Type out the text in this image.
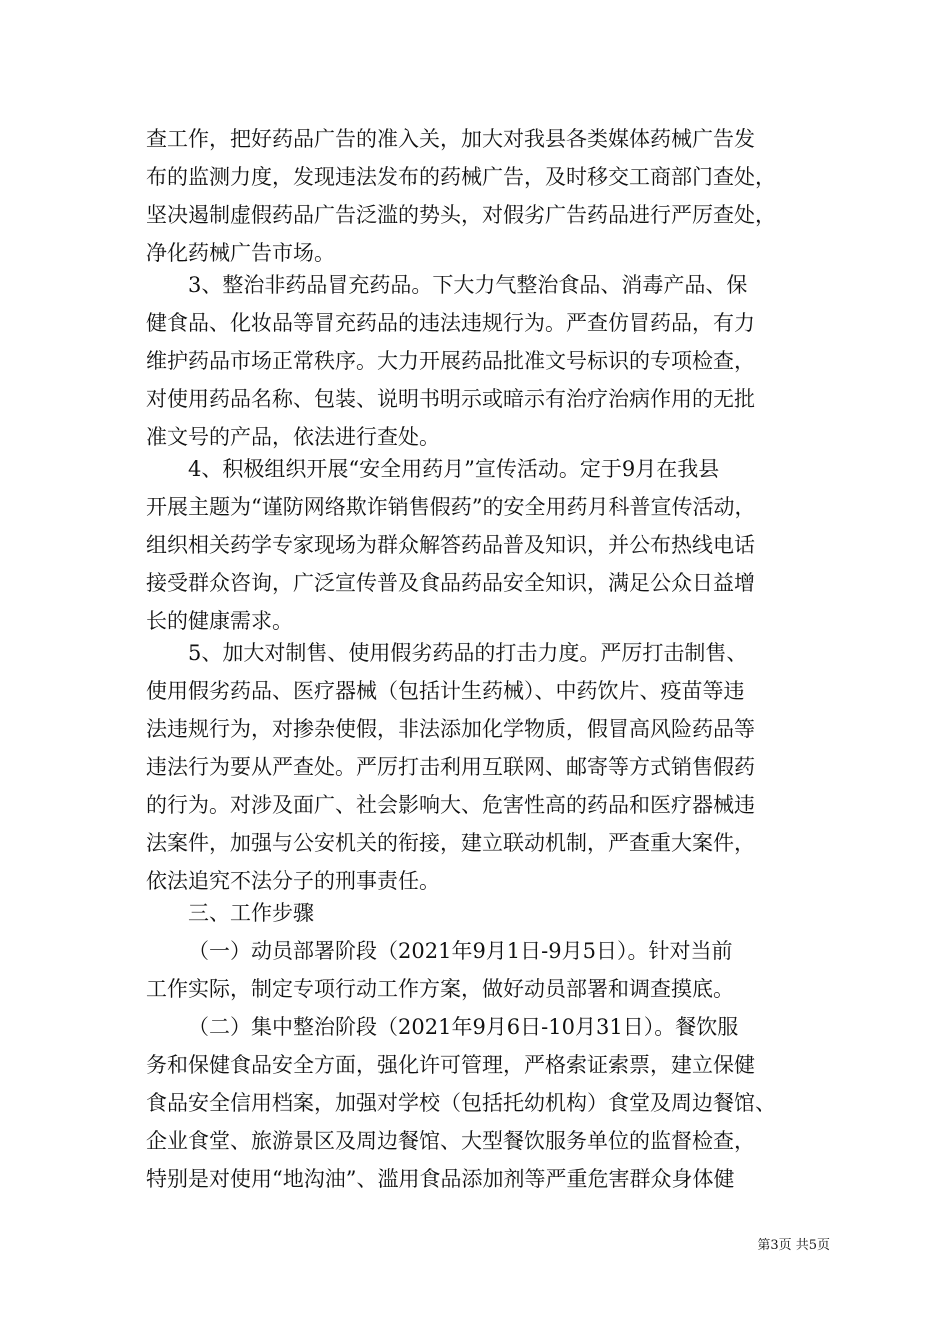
查工作，把好药品广告的准入关，加大对我县各类媒体药械广告发
布的监测力度，发现违法发布的药械广告，及时移交工商部门查处，
坚决遏制虚假药品广告泛滥的势头，对假劣广告药品进行严厉查处，
净化药械广告市场。
3、整治非药品冒充药品。下大力气整治食品、消毒产品、保
健食品、化妆品等冒充药品的违法违规行为。严查仿冒药品，有力
维护药品市场正常秩序。大力开展药品批准文号标识的专项检查，
对使用药品名称、包装、说明书明示或暗示有治疗治病作用的无批
准文号的产品，依法进行查处。
4、积极组织开展“安全用药月”宣传活动。定于9月在我县
开展主题为“谨防网络欺诈销售假药”的安全用药月科普宣传活动，
组织相关药学专家现场为群众解答药品普及知识，并公布热线电话
接受群众咨询，广泛宣传普及食品药品安全知识，满足公众日益增
长的健康需求。
5、加大对制售、使用假劣药品的打击力度。严厉打击制售、
使用假劣药品、医疗器械（包括计生药械）、中药饮片、疫苗等违
法违规行为，对掺杂使假，非法添加化学物质，假冒高风险药品等
违法行为要从严查处。严厉打击利用互联网、邮寄等方式销售假药
的行为。对涉及面广、社会影响大、危害性高的药品和医疗器械违
法案件，加强与公安机关的衔接，建立联动机制，严查重大案件，
依法追究不法分子的刑事责任。
三、工作步骤
（一）动员部署阶段（2021年9月1日-9月5日）。针对当前
工作实际，制定专项行动工作方案，做好动员部署和调查摸底。
（二）集中整治阶段（2021年9月6日-10月31日）。餐饮服
务和保健食品安全方面，强化许可管理，严格索证索票，建立保健
食品安全信用档案，加强对学校（包括托幼机构）食堂及周边餐馆、
企业食堂、旅游景区及周边餐馆、大型餐饮服务单位的监督检查，
特别是对使用“地沟油”、滥用食品添加剂等严重危害群众身体健
第3页 共5页
